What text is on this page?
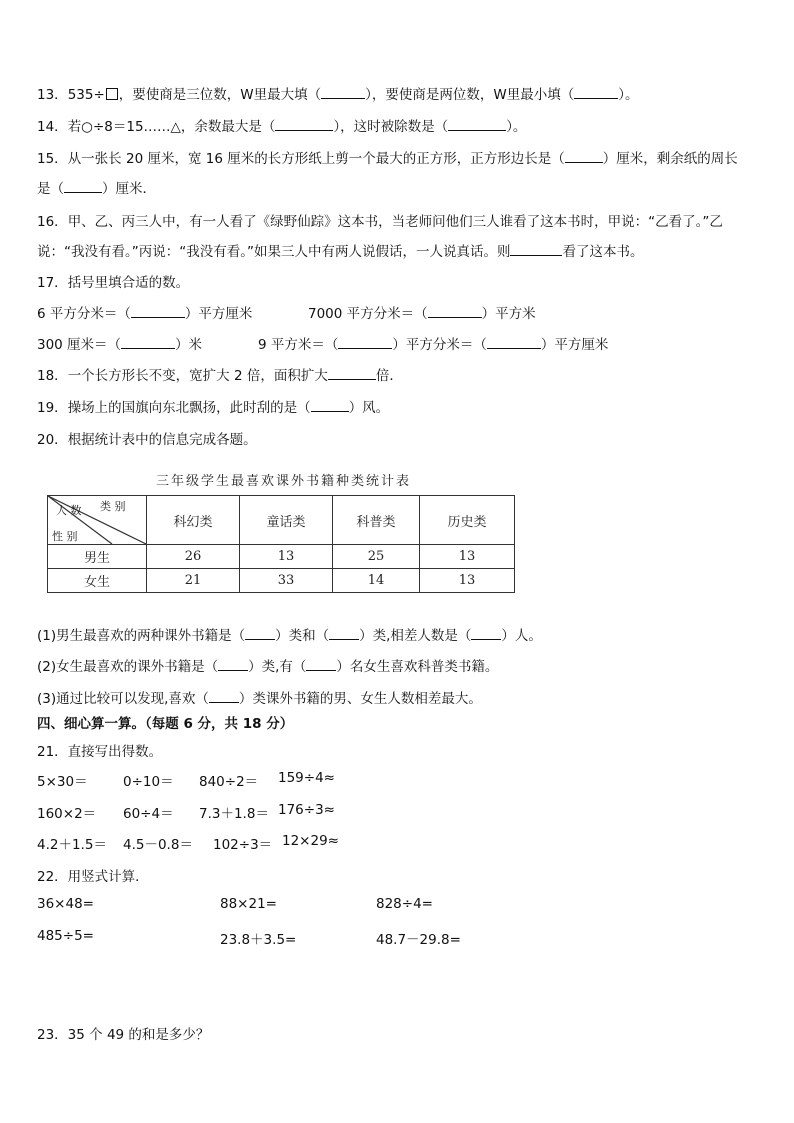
13．535÷ ，要使商是三位数，W里最大填（	），要使商是两位数，W里最小填（	）。
14．若○÷8＝15……△，余数最大是（	），这时被除数是（	）。
15．从一张长 20 厘米，宽 16 厘米的长方形纸上剪一个最大的正方形，正方形边长是（	）厘米，剩余纸的周长
是（	）厘米．
16．甲、乙、丙三人中，有一人看了《绿野仙踪》这本书，当老师问他们三人谁看了这本书时，甲说：“乙看了。”乙
说：“我没有看。”丙说：“我没有看。”如果三人中有两人说假话，一人说真话。则	看了这本书。
17．括号里填合适的数。
6 平方分米＝（	）平方厘米	7000 平方分米＝（	）平方米
300 厘米＝（	）米	9 平方米＝（	）平方分米＝（	）平方厘米
18．一个长方形长不变，宽扩大 2 倍，面积扩大	倍．
19．操场上的国旗向东北飘扬，此时刮的是（	）风。
20．根据统计表中的信息完成各题。
三年级学生最喜欢课外书籍种类统计表
类 别
人 数
性 别	科幻类	童话类	科普类	历史类
男生	26	13	25	13
女生	21	33	14	13
(1)男生最喜欢的两种课外书籍是（ ）类和（ ）类,相差人数是（ ）人。
(2)女生最喜欢的课外书籍是（ ）类,有（ ）名女生喜欢科普类书籍。
(3)通过比较可以发现,喜欢（ ）类课外书籍的男、女生人数相差最大。
四、细心算一算。（每题 6 分，共 18 分）
21．直接写出得数。
5×30＝	0÷10＝ 840÷2＝ 159÷4≈
160×2＝ 60÷4＝ 7.3＋1.8＝ 176÷3≈
4.2＋1.5＝ 4.5－0.8＝ 102÷3＝ 12×29≈
22．用竖式计算．
36×48=	88×21=	828÷4=
485÷5=	23.8＋3.5=	48.7－29.8=
23．35 个 49 的和是多少？
